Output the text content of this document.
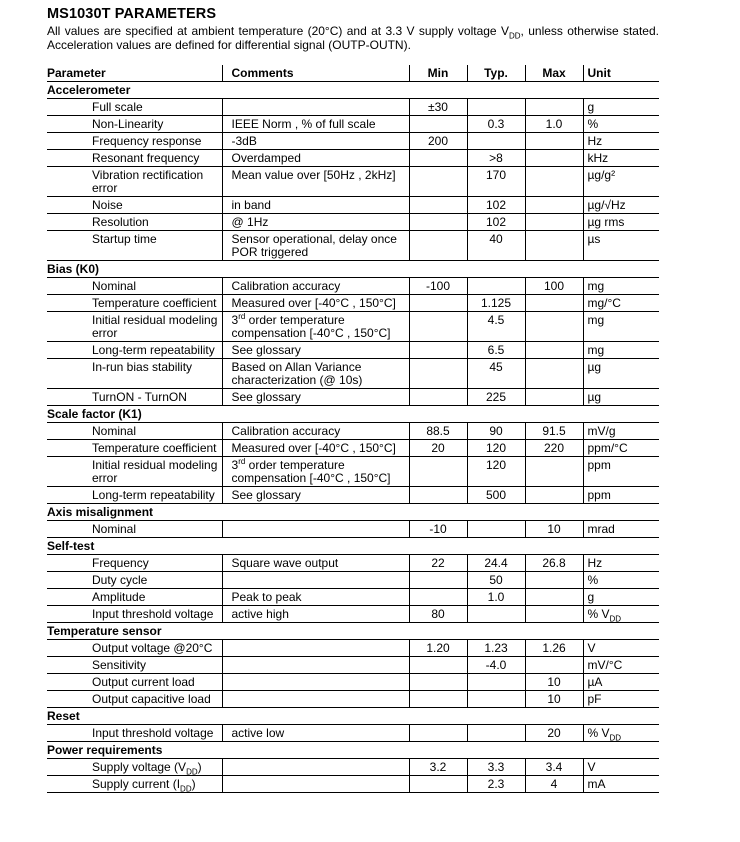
MS1030T PARAMETERS
All values are specified at ambient temperature (20°C) and at 3.3 V supply voltage $V_{DD}$, unless otherwise stated. Acceleration values are defined for differential signal (OUTP-OUTN).
Parameter	Comments	Min	Typ.	Max	Unit
Accelerometer					
Full scale		±30			g
Non-Linearity	IEEE Norm , % of full scale		0.3	1.0	%
Frequency response	-3dB	200			Hz
Resonant frequency	Overdamped		>8		kHz
Vibration rectification error	Mean value over [50Hz , 2kHz]		170		µg/g²
Noise	in band		102		µg/√Hz
Resolution	@ 1Hz		102		µg rms
Startup time	Sensor operational, delay once POR triggered		40		µs
Bias (K0)					
Nominal	Calibration accuracy	-100		100	mg
Temperature coefficient	Measured over [-40°C , 150°C]		1.125		mg/°C
Initial residual modeling error	3rd order temperature compensation [-40°C , 150°C]		4.5		mg
Long-term repeatability	See glossary		6.5		mg
In-run bias stability	Based on Allan Variance characterization (@ 10s)		45		µg
TurnON - TurnON	See glossary		225		µg
Scale factor (K1)					
Nominal	Calibration accuracy	88.5	90	91.5	mV/g
Temperature coefficient	Measured over [-40°C , 150°C]	20	120	220	ppm/°C
Initial residual modeling error	3rd order temperature compensation [-40°C , 150°C]		120		ppm
Long-term repeatability	See glossary		500		ppm
Axis misalignment					
Nominal		-10		10	mrad
Self-test					
Frequency	Square wave output	22	24.4	26.8	Hz
Duty cycle			50		%
Amplitude	Peak to peak		1.0		g
Input threshold voltage	active high	80			% $V_{DD}$
Temperature sensor					
Output voltage @20°C		1.20	1.23	1.26	V
Sensitivity			-4.0		mV/°C
Output current load				10	µA
Output capacitive load				10	pF
Reset					
Input threshold voltage	active low			20	% $V_{DD}$
Power requirements					
Supply voltage $(V_{DD})$		3.2	3.3	3.4	V
Supply current $(I_{DD})$			2.3	4	mA
